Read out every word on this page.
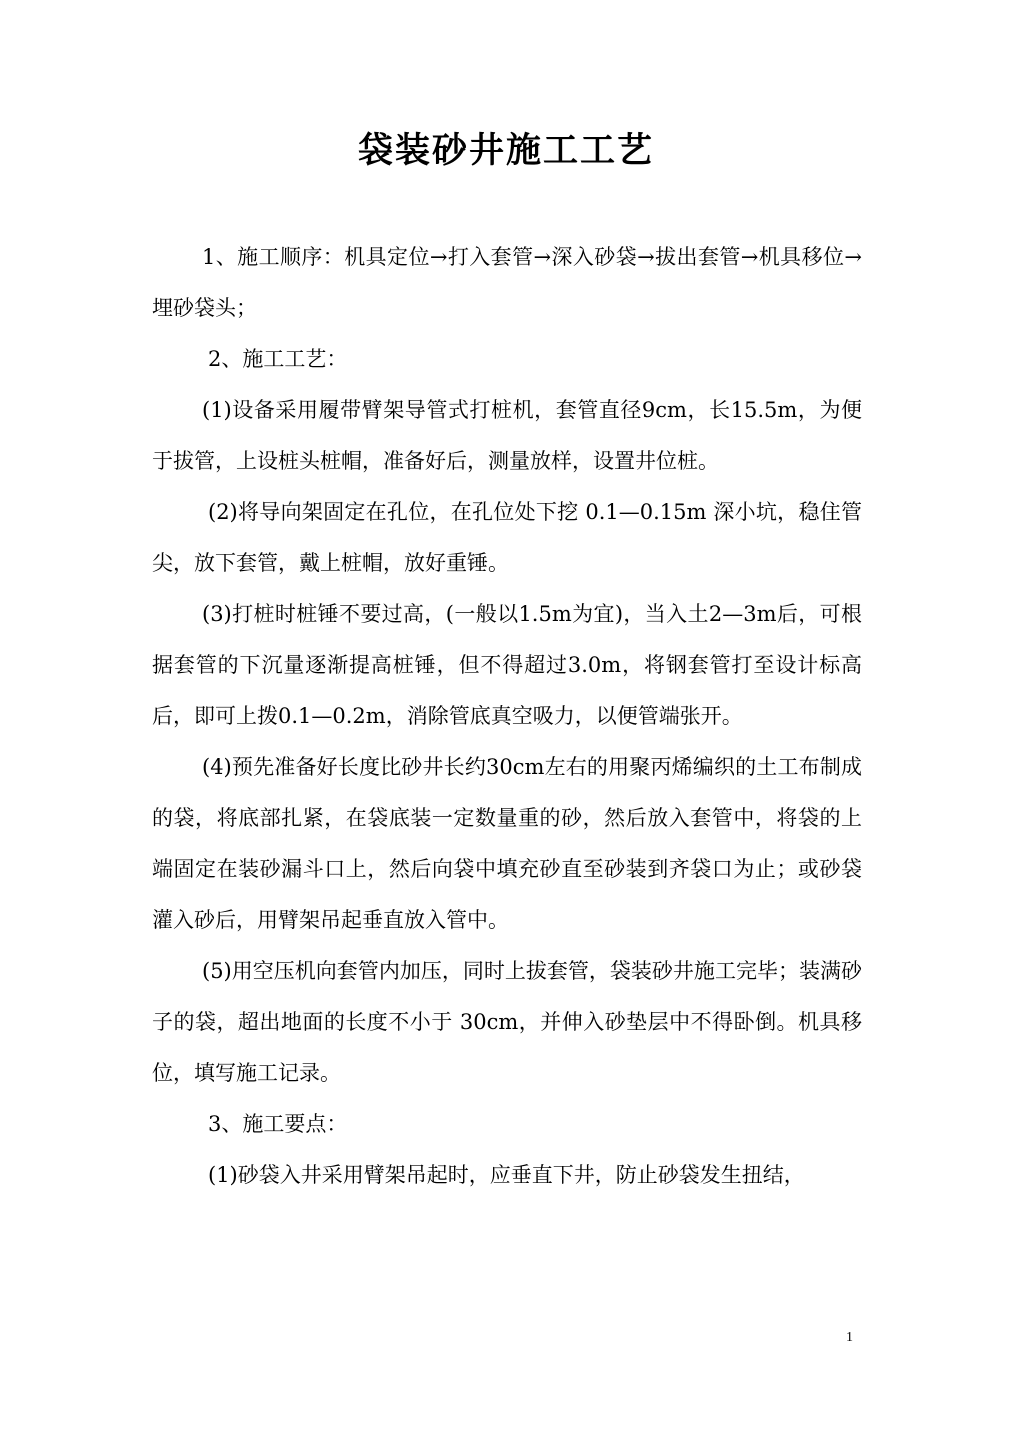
袋装砂井施工工艺

1、施工顺序：机具定位→打入套管→深入砂袋→拔出套管→机具移位→埋砂袋头；

2、施工工艺：

(1)设备采用履带臂架导管式打桩机，套管直径9cm，长15.5m，为便于拔管，上设桩头桩帽，准备好后，测量放样，设置井位桩。

(2)将导向架固定在孔位，在孔位处下挖 0.1—0.15m 深小坑，稳住管尖，放下套管，戴上桩帽，放好重锤。

(3)打桩时桩锤不要过高，(一般以1.5m为宜)，当入土2—3m后，可根据套管的下沉量逐渐提高桩锤，但不得超过3.0m，将钢套管打至设计标高后，即可上拨0.1—0.2m，消除管底真空吸力，以便管端张开。

(4)预先准备好长度比砂井长约30cm左右的用聚丙烯编织的土工布制成的袋，将底部扎紧，在袋底装一定数量重的砂，然后放入套管中，将袋的上端固定在装砂漏斗口上，然后向袋中填充砂直至砂装到齐袋口为止；或砂袋灌入砂后，用臂架吊起垂直放入管中。

(5)用空压机向套管内加压，同时上拔套管，袋装砂井施工完毕；装满砂子的袋，超出地面的长度不小于 30cm，并伸入砂垫层中不得卧倒。机具移位，填写施工记录。

3、施工要点：

(1)砂袋入井采用臂架吊起时，应垂直下井，防止砂袋发生扭结，

1
